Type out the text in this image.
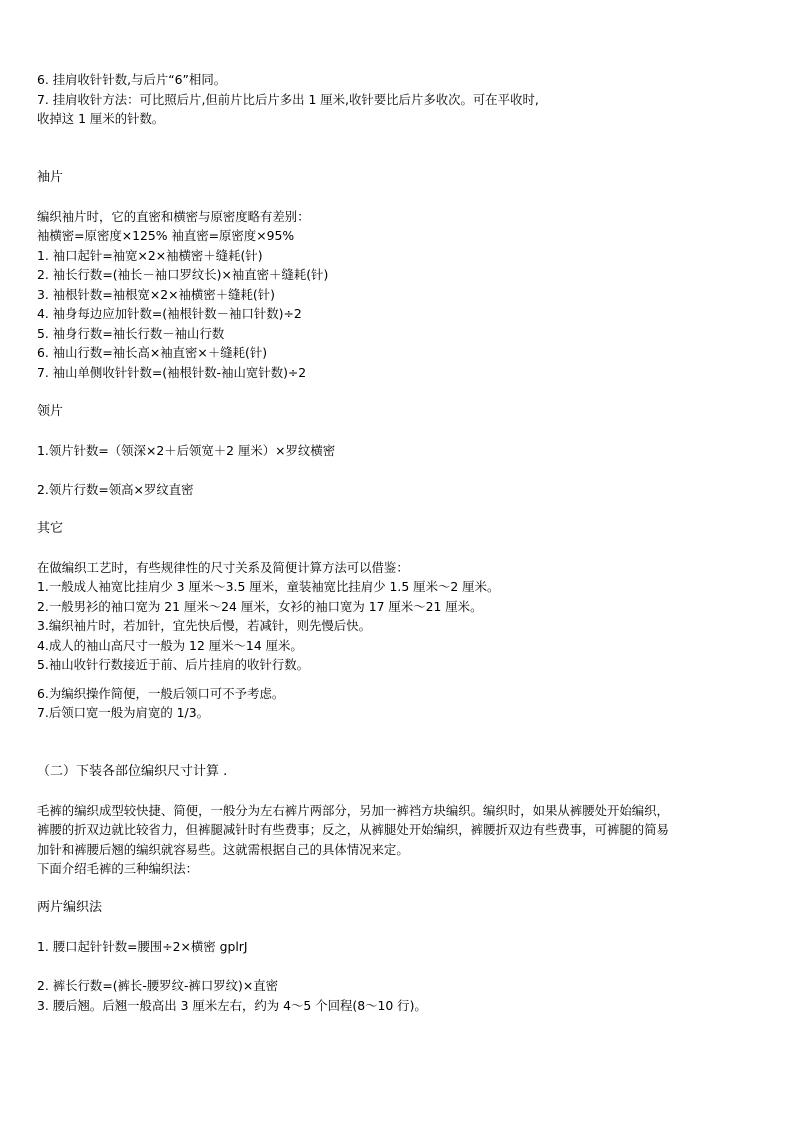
6. 挂肩收针针数,与后片“6”相同。
7. 挂肩收针方法：可比照后片,但前片比后片多出 1 厘米,收针要比后片多收次。可在平收时,
收掉这 1 厘米的针数。
袖片
编织袖片时，它的直密和横密与原密度略有差别：
袖横密=原密度×125% 袖直密=原密度×95%
1. 袖口起针=袖宽×2×袖横密＋缝耗(针)
2. 袖长行数=(袖长－袖口罗纹长)×袖直密＋缝耗(针)
3. 袖根针数=袖根宽×2×袖横密＋缝耗(针)
4. 袖身每边应加针数=(袖根针数－袖口针数)÷2
5. 袖身行数=袖长行数－袖山行数
6. 袖山行数=袖长高×袖直密×＋缝耗(针)
7. 袖山单侧收针针数=(袖根针数-袖山宽针数)÷2
领片
1.领片针数=（领深×2＋后领宽＋2 厘米）×罗纹横密
2.领片行数=领高×罗纹直密
其它
在做编织工艺时，有些规律性的尺寸关系及简便计算方法可以借鉴：
1.一般成人袖宽比挂肩少 3 厘米～3.5 厘米，童装袖宽比挂肩少 1.5 厘米～2 厘米。
2.一般男衫的袖口宽为 21 厘米～24 厘米，女衫的袖口宽为 17 厘米～21 厘米。
3.编织袖片时，若加针，宜先快后慢，若减针，则先慢后快。
4.成人的袖山高尺寸一般为 12 厘米～14 厘米。
5.袖山收针行数接近于前、后片挂肩的收针行数。
6.为编织操作简便，一般后领口可不予考虑。
7.后领口宽一般为肩宽的 1/3。
（二）下装各部位编织尺寸计算 .
毛裤的编织成型较快捷、简便，一般分为左右裤片两部分，另加一裤裆方块编织。编织时，如果从裤腰处开始编织，
裤腰的折双边就比较省力，但裤腿减针时有些费事；反之，从裤腿处开始编织，裤腰折双边有些费事，可裤腿的简易
加针和裤腰后翘的编织就容易些。这就需根据自己的具体情况来定。
下面介绍毛裤的三种编织法：
两片编织法
1. 腰口起针针数=腰围÷2×横密 gplrJ
2. 裤长行数=(裤长-腰罗纹-裤口罗纹)×直密
3. 腰后翘。后翘一般高出 3 厘米左右，约为 4～5 个回程(8～10 行)。
